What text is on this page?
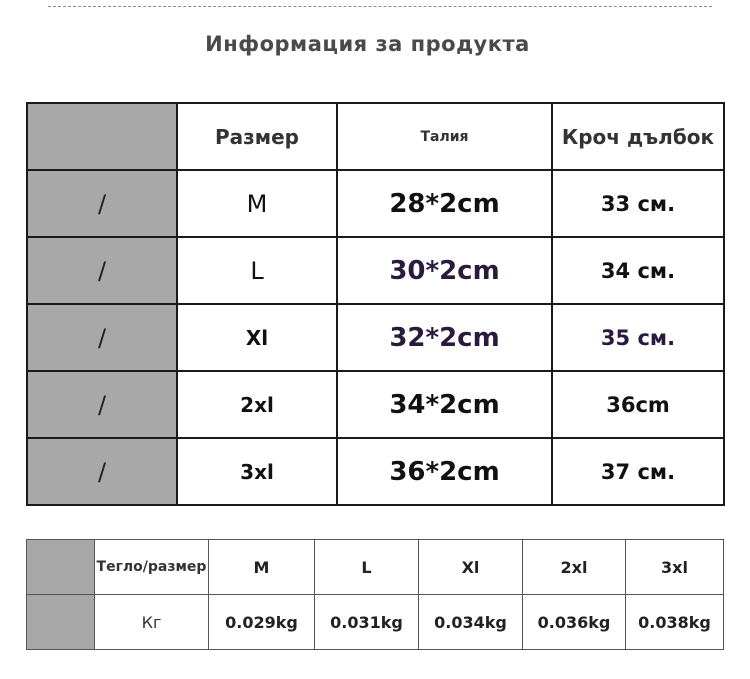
Информация за продукта
	Размер	Талия	Кроч дълбок
/	M	28*2cm	33 см.
/	L	30*2cm	34 см.
/	Xl	32*2cm	35 см.
/	2xl	34*2cm	36cm
/	3xl	36*2cm	37 см.
	Тегло/размер	M	L	Xl	2xl	3xl
	Кг	0.029kg	0.031kg	0.034kg	0.036kg	0.038kg
